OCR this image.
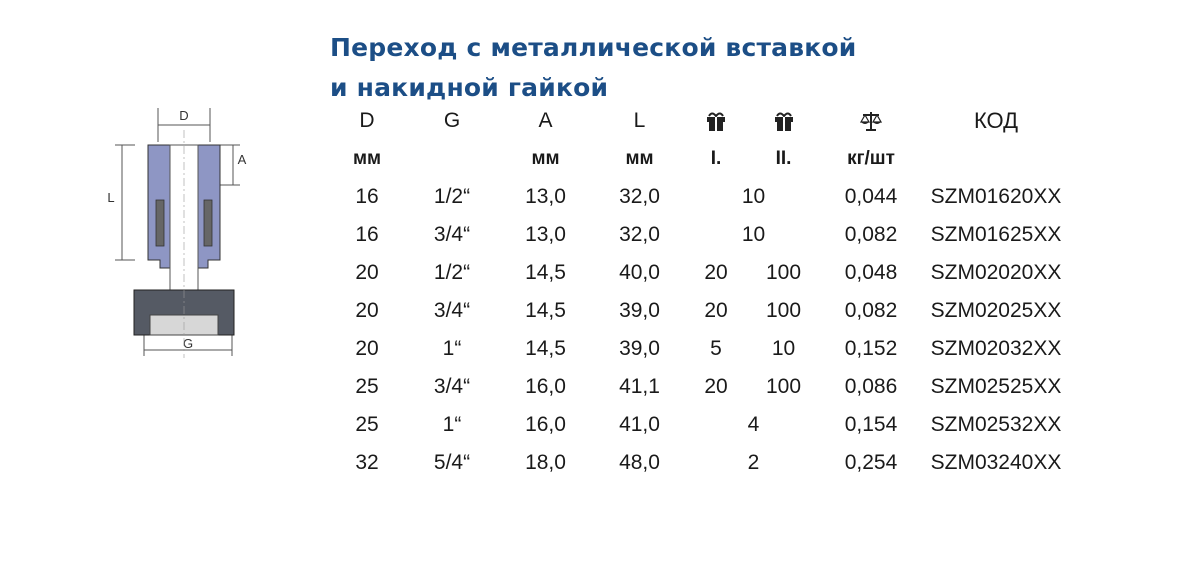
Переход с металлической вставкой
и накидной гайкой
D
A
L
G
D	G	A	L				КОД
мм		мм	мм	I.	II.	кг/шт	
16	1/2“	13,0	32,0	10		0,044	SZM01620XX
16	3/4“	13,0	32,0	10		0,082	SZM01625XX
20	1/2“	14,5	40,0	20	100	0,048	SZM02020XX
20	3/4“	14,5	39,0	20	100	0,082	SZM02025XX
20	1“	14,5	39,0	5	10	0,152	SZM02032XX
25	3/4“	16,0	41,1	20	100	0,086	SZM02525XX
25	1“	16,0	41,0	4		0,154	SZM02532XX
32	5/4“	18,0	48,0	2		0,254	SZM03240XX
